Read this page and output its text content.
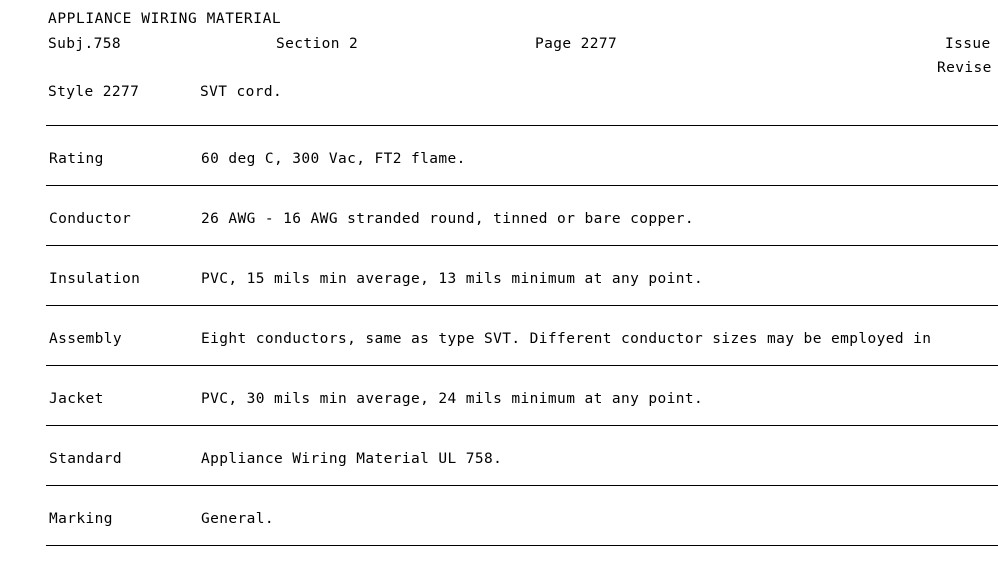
APPLIANCE WIRING MATERIAL
Subj.758	Section 2	Page 2277	Issue
Revise
Style 2277	SVT cord.
Rating	60 deg C, 300 Vac, FT2 flame.
Conductor	26 AWG - 16 AWG stranded round, tinned or bare copper.
Insulation	PVC, 15 mils min average, 13 mils minimum at any point.
Assembly	Eight conductors, same as type SVT. Different conductor sizes may be employed in
Jacket	PVC, 30 mils min average, 24 mils minimum at any point.
Standard	Appliance Wiring Material UL 758.
Marking	General.
